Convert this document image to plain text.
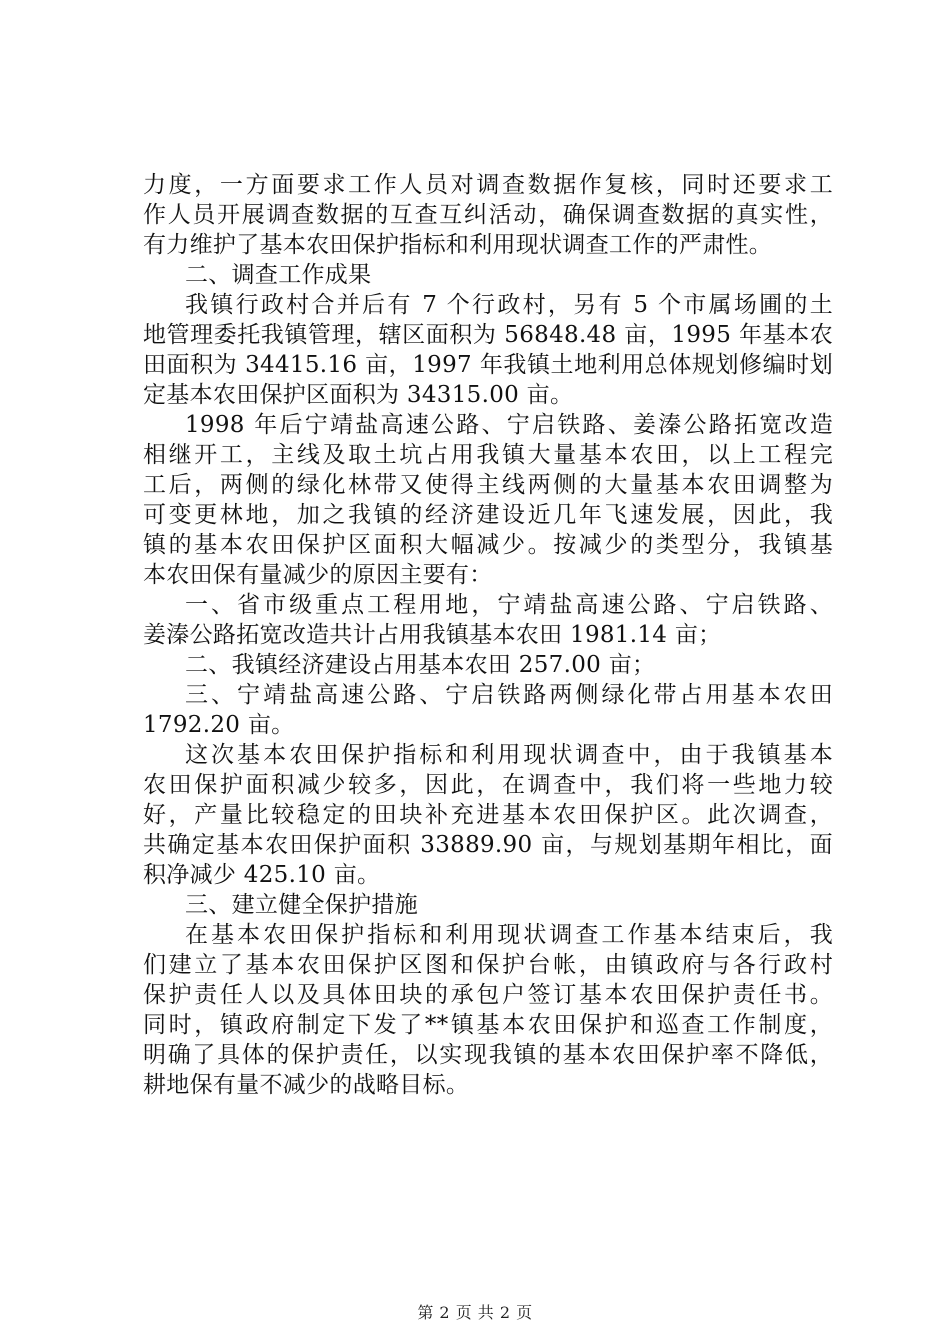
力度，一方面要求工作人员对调查数据作复核，同时还要求工
作人员开展调查数据的互查互纠活动，确保调查数据的真实性，
有力维护了基本农田保护指标和利用现状调查工作的严肃性。
二、调查工作成果
我镇行政村合并后有 7 个行政村，另有 5 个市属场圃的土
地管理委托我镇管理，辖区面积为 56848.48 亩，1995 年基本农
田面积为 34415.16 亩，1997 年我镇土地利用总体规划修编时划
定基本农田保护区面积为 34315.00 亩。
1998 年后宁靖盐高速公路、宁启铁路、姜溱公路拓宽改造
相继开工，主线及取土坑占用我镇大量基本农田，以上工程完
工后，两侧的绿化林带又使得主线两侧的大量基本农田调整为
可变更林地，加之我镇的经济建设近几年飞速发展，因此，我
镇的基本农田保护区面积大幅减少。按减少的类型分，我镇基
本农田保有量减少的原因主要有：
一、省市级重点工程用地，宁靖盐高速公路、宁启铁路、
姜溱公路拓宽改造共计占用我镇基本农田 1981.14 亩；
二、我镇经济建设占用基本农田 257.00 亩；
三、宁靖盐高速公路、宁启铁路两侧绿化带占用基本农田
1792.20 亩。
这次基本农田保护指标和利用现状调查中，由于我镇基本
农田保护面积减少较多，因此，在调查中，我们将一些地力较
好，产量比较稳定的田块补充进基本农田保护区。此次调查，
共确定基本农田保护面积 33889.90 亩，与规划基期年相比，面
积净减少 425.10 亩。
三、建立健全保护措施
在基本农田保护指标和利用现状调查工作基本结束后，我
们建立了基本农田保护区图和保护台帐，由镇政府与各行政村
保护责任人以及具体田块的承包户签订基本农田保护责任书。
同时，镇政府制定下发了**镇基本农田保护和巡查工作制度，
明确了具体的保护责任，以实现我镇的基本农田保护率不降低，
耕地保有量不减少的战略目标。
第 2 页 共 2 页
